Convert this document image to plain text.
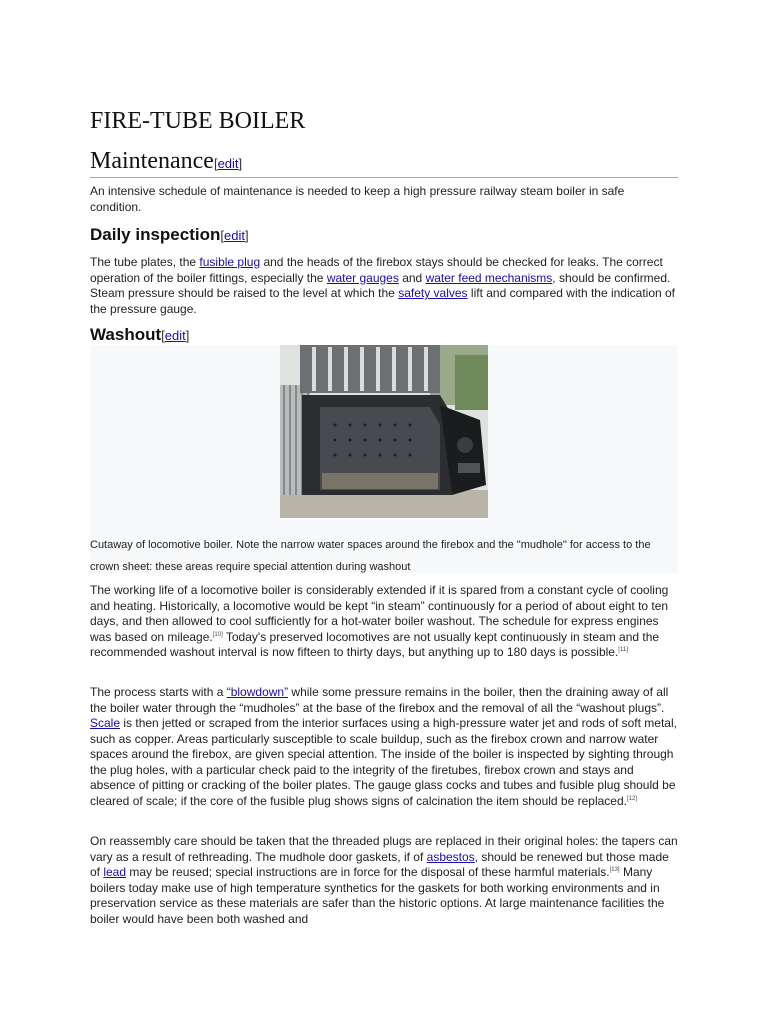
FIRE-TUBE BOILER
Maintenance[edit]

An intensive schedule of maintenance is needed to keep a high pressure railway steam boiler in safe condition.

Daily inspection[edit]

The tube plates, the fusible plug and the heads of the firebox stays should be checked for leaks. The correct operation of the boiler fittings, especially the water gauges and water feed mechanisms, should be confirmed. Steam pressure should be raised to the level at which the safety valves lift and compared with the indication of the pressure gauge.

Washout[edit]

The working life of a locomotive boiler is considerably extended if it is spared from a constant cycle of cooling and heating. Historically, a locomotive would be kept “in steam” continuously for a period of about eight to ten days, and then allowed to cool sufficiently for a hot-water boiler washout. The schedule for express engines was based on mileage.[10] Today's preserved locomotives are not usually kept continuously in steam and the recommended washout interval is now fifteen to thirty days, but anything up to 180 days is possible.[11]

The process starts with a “blowdown” while some pressure remains in the boiler, then the draining away of all the boiler water through the “mudholes” at the base of the firebox and the removal of all the “washout plugs”. Scale is then jetted or scraped from the interior surfaces using a high-pressure water jet and rods of soft metal, such as copper. Areas particularly susceptible to scale buildup, such as the firebox crown and narrow water spaces around the firebox, are given special attention. The inside of the boiler is inspected by sighting through the plug holes, with a particular check paid to the integrity of the firetubes, firebox crown and stays and absence of pitting or cracking of the boiler plates. The gauge glass cocks and tubes and fusible plug should be cleared of scale; if the core of the fusible plug shows signs of calcination the item should be replaced.[12]

On reassembly care should be taken that the threaded plugs are replaced in their original holes: the tapers can vary as a result of rethreading. The mudhole door gaskets, if of asbestos, should be renewed but those made of lead may be reused; special instructions are in force for the disposal of these harmful materials.[13] Many boilers today make use of high temperature synthetics for the gaskets for both working environments and in preservation service as these materials are safer than the historic options. At large maintenance facilities the boiler would have been both washed and

Cutaway of locomotive boiler. Note the narrow water spaces around the firebox and the "mudhole" for access to the crown sheet: these areas require special attention during washout
